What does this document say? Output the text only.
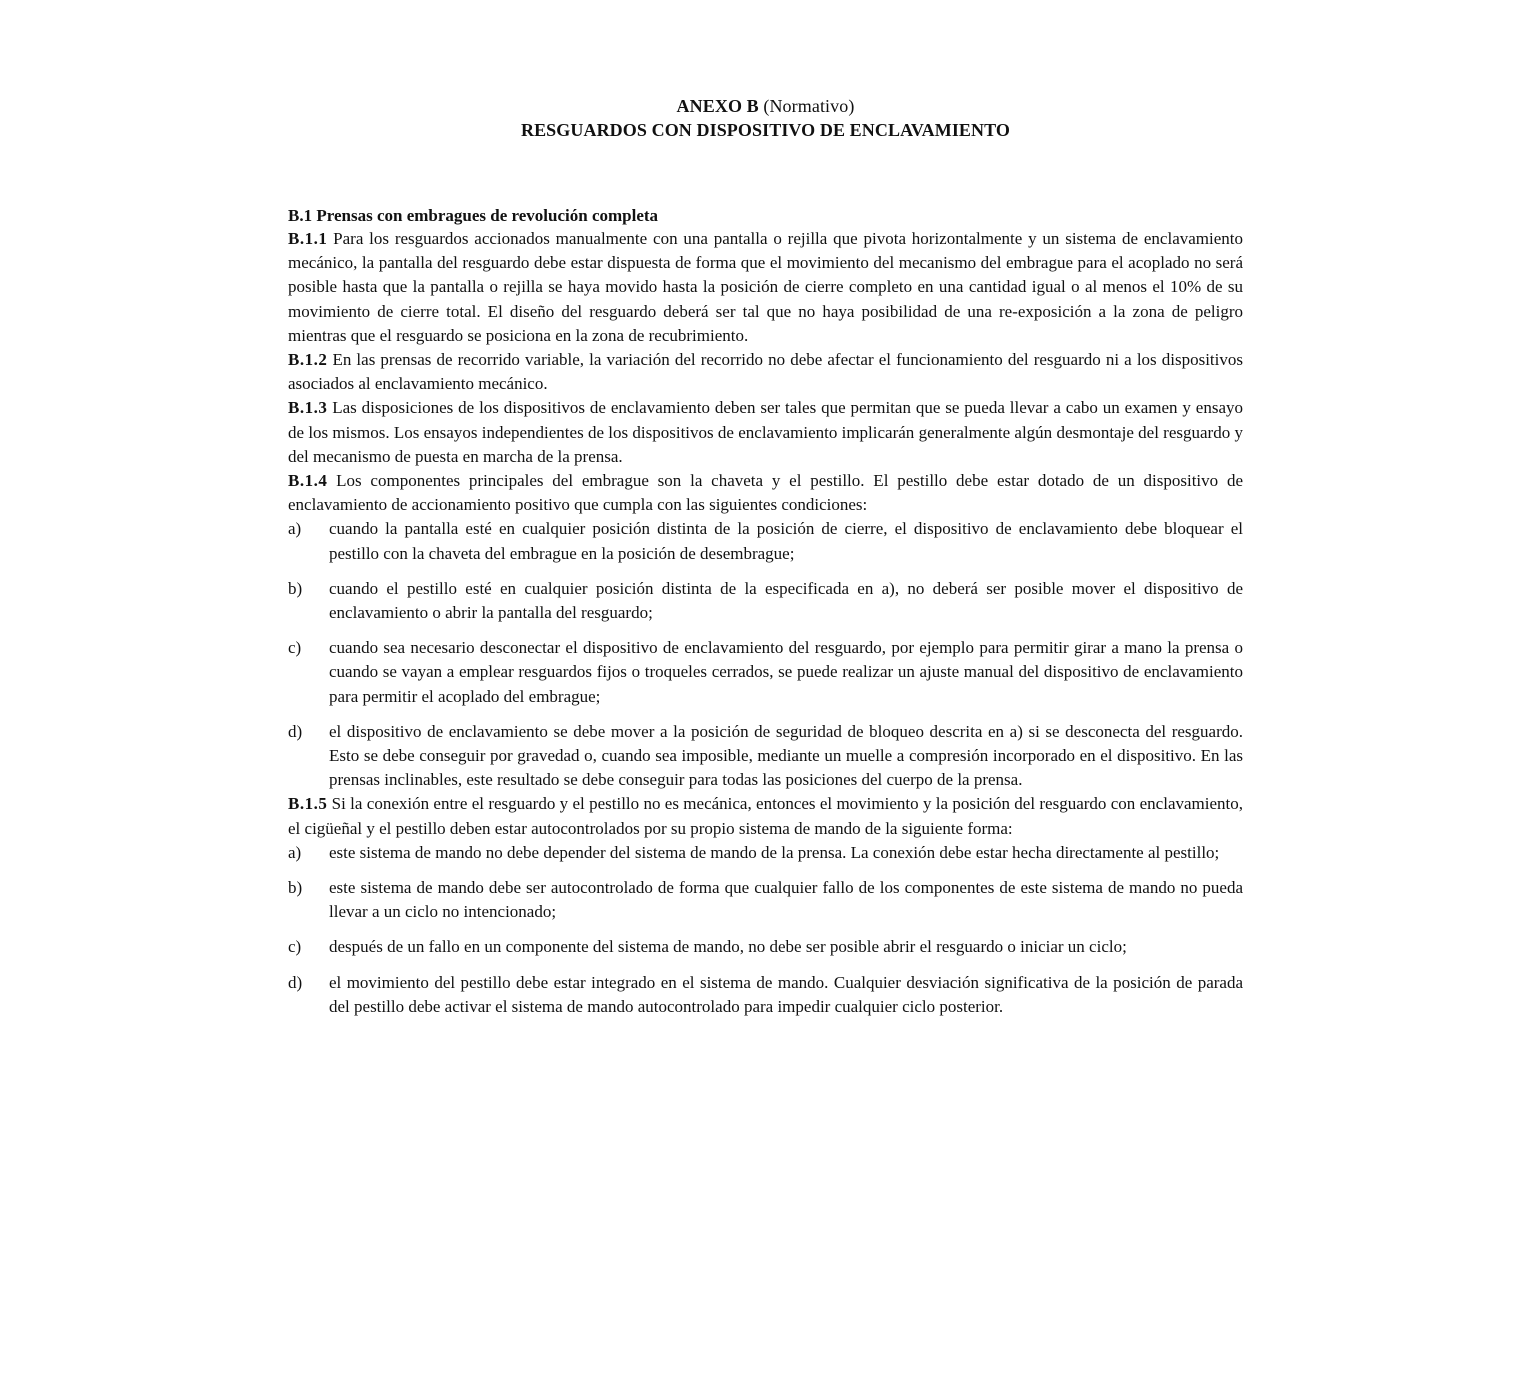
ANEXO B (Normativo)
RESGUARDOS CON DISPOSITIVO DE ENCLAVAMIENTO
B.1 Prensas con embragues de revolución completa

B.1.1 Para los resguardos accionados manualmente con una pantalla o rejilla que pivota horizontalmente y un sistema de enclavamiento mecánico, la pantalla del resguardo debe estar dispuesta de forma que el movimiento del mecanismo del embrague para el acoplado no será posible hasta que la pantalla o rejilla se haya movido hasta la posición de cierre completo en una cantidad igual o al menos el 10% de su movimiento de cierre total. El diseño del resguardo deberá ser tal que no haya posibilidad de una re-exposición a la zona de peligro mientras que el resguardo se posiciona en la zona de recubrimiento.

B.1.2 En las prensas de recorrido variable, la variación del recorrido no debe afectar el funcionamiento del resguardo ni a los dispositivos asociados al enclavamiento mecánico.

B.1.3 Las disposiciones de los dispositivos de enclavamiento deben ser tales que permitan que se pueda llevar a cabo un examen y ensayo de los mismos. Los ensayos independientes de los dispositivos de enclavamiento implicarán generalmente algún desmontaje del resguardo y del mecanismo de puesta en marcha de la prensa.

B.1.4 Los componentes principales del embrague son la chaveta y el pestillo. El pestillo debe estar dotado de un dispositivo de enclavamiento de accionamiento positivo que cumpla con las siguientes condiciones:

a) cuando la pantalla esté en cualquier posición distinta de la posición de cierre, el dispositivo de enclavamiento debe bloquear el pestillo con la chaveta del embrague en la posición de desembrague;
b) cuando el pestillo esté en cualquier posición distinta de la especificada en a), no deberá ser posible mover el dispositivo de enclavamiento o abrir la pantalla del resguardo;
c) cuando sea necesario desconectar el dispositivo de enclavamiento del resguardo, por ejemplo para permitir girar a mano la prensa o cuando se vayan a emplear resguardos fijos o troqueles cerrados, se puede realizar un ajuste manual del dispositivo de enclavamiento para permitir el acoplado del embrague;
d) el dispositivo de enclavamiento se debe mover a la posición de seguridad de bloqueo descrita en a) si se desconecta del resguardo. Esto se debe conseguir por gravedad o, cuando sea imposible, mediante un muelle a compresión incorporado en el dispositivo. En las prensas inclinables, este resultado se debe conseguir para todas las posiciones del cuerpo de la prensa.

B.1.5 Si la conexión entre el resguardo y el pestillo no es mecánica, entonces el movimiento y la posición del resguardo con enclavamiento, el cigüeñal y el pestillo deben estar autocontrolados por su propio sistema de mando de la siguiente forma:

a) este sistema de mando no debe depender del sistema de mando de la prensa. La conexión debe estar hecha directamente al pestillo;
b) este sistema de mando debe ser autocontrolado de forma que cualquier fallo de los componentes de este sistema de mando no pueda llevar a un ciclo no intencionado;
c) después de un fallo en un componente del sistema de mando, no debe ser posible abrir el resguardo o iniciar un ciclo;
d) el movimiento del pestillo debe estar integrado en el sistema de mando. Cualquier desviación significativa de la posición de parada del pestillo debe activar el sistema de mando autocontrolado para impedir cualquier ciclo posterior.
